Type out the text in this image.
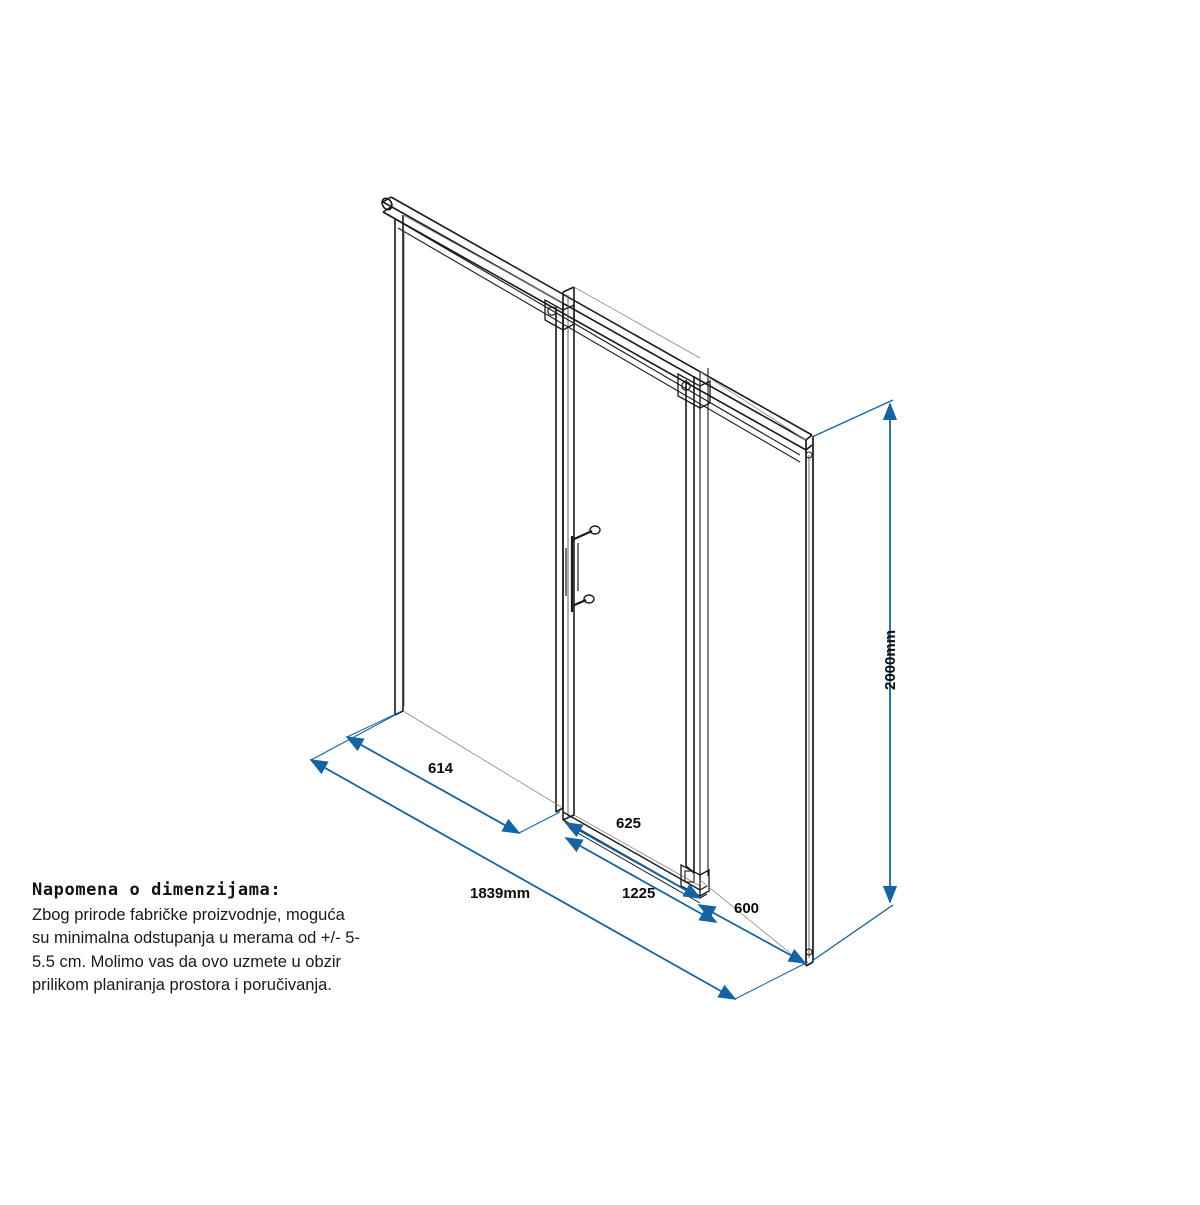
1839mm
2000mm
614
625
1225
600

Napomena o dimenzijama:

Zbog prirode fabričke proizvodnje, moguća su minimalna odstupanja u merama od +/- 5-5.5 cm. Molimo vas da ovo uzmete u obzir prilikom planiranja prostora i poručivanja.
